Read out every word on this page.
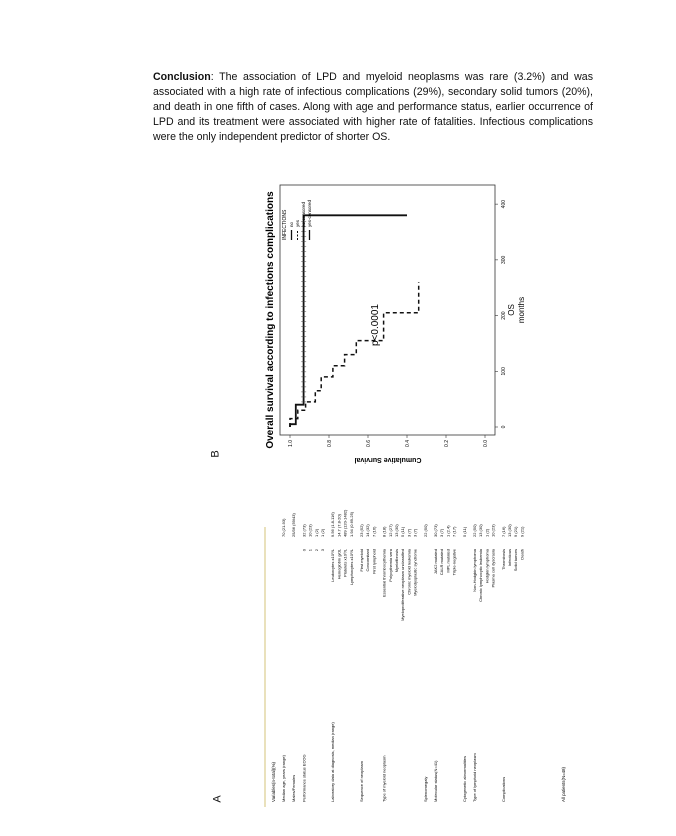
Conclusion: The association of LPD and myeloid neoplasms was rare (3.2%) and was associated with a high rate of infectious complications (29%), secondary solid tumors (20%), and death in one fifth of cases. Along with age and performance status, earlier occurrence of LPD and its treatment were associated with higher rate of fatalities. Infectious complications were the only independent predictor of shorter OS.

B
A
Overall survival according to infections complications	0.0
0.2
0.4
0.6
0.8
1.0
0
100
200
300
400
p<0.0001
Cumulative Survival
OS months
INFECTIONS no yes no-censored yes-censored
Variables(n-total)(%)	All patients(N=48)
Median age, years (range)
70 (21-93)
Males/Females
25/36 (59/43)
Performance status ECOG
0
32 (73)
1
10 (23)
2
1 (2)
3
1 (2)
Laboratory data at diagnosis, median (range)
Leukocytes x10⁹/L
9.56 (1.8-116)
Hemoglobin g/dL
14.7 (7.8-20)
Platelets x10⁹/L
489 (120-1482)
Lymphocytes x10⁹/L
1.94 (0.69-25)
Sequence of neoplasm
First myeloid
23 (52)
Concomitant
14 (32)
First lymphoid
7 (16)
Type of myeloid neoplasm
Essential thrombocythemia
8 (18)
Polycythemia vera
12 (27)
Myelofibrosis
13 (30)
Myeloproliferative neoplasm unclassified
5 (11)
Chronic myeloid leukemia
3 (7)
Myelodysplastic syndrome
3 (7)
Splenomegaly
22 (50)
Molecular status(N=41)
JAK2 mutated
30 (73)
CALR mutated
3 (7)
MPL mutated
1 (2.4)
Triple-negative
7 (17)
Cytogenetic abnormalities
5 (11)
Type of lymphoid neoplasm
Non-Hodgkin lymphoma
22 (50)
Chronic lymphocytic leukemia
13 (30)
Hodgkin lymphoma
1 (2)
Plasma cell dyscrasia
10 (23)
Complications
Thrombosis
7 (16)
Infectious
13 (30)
Solid tumors
9 (21)
Death
9 (21)
